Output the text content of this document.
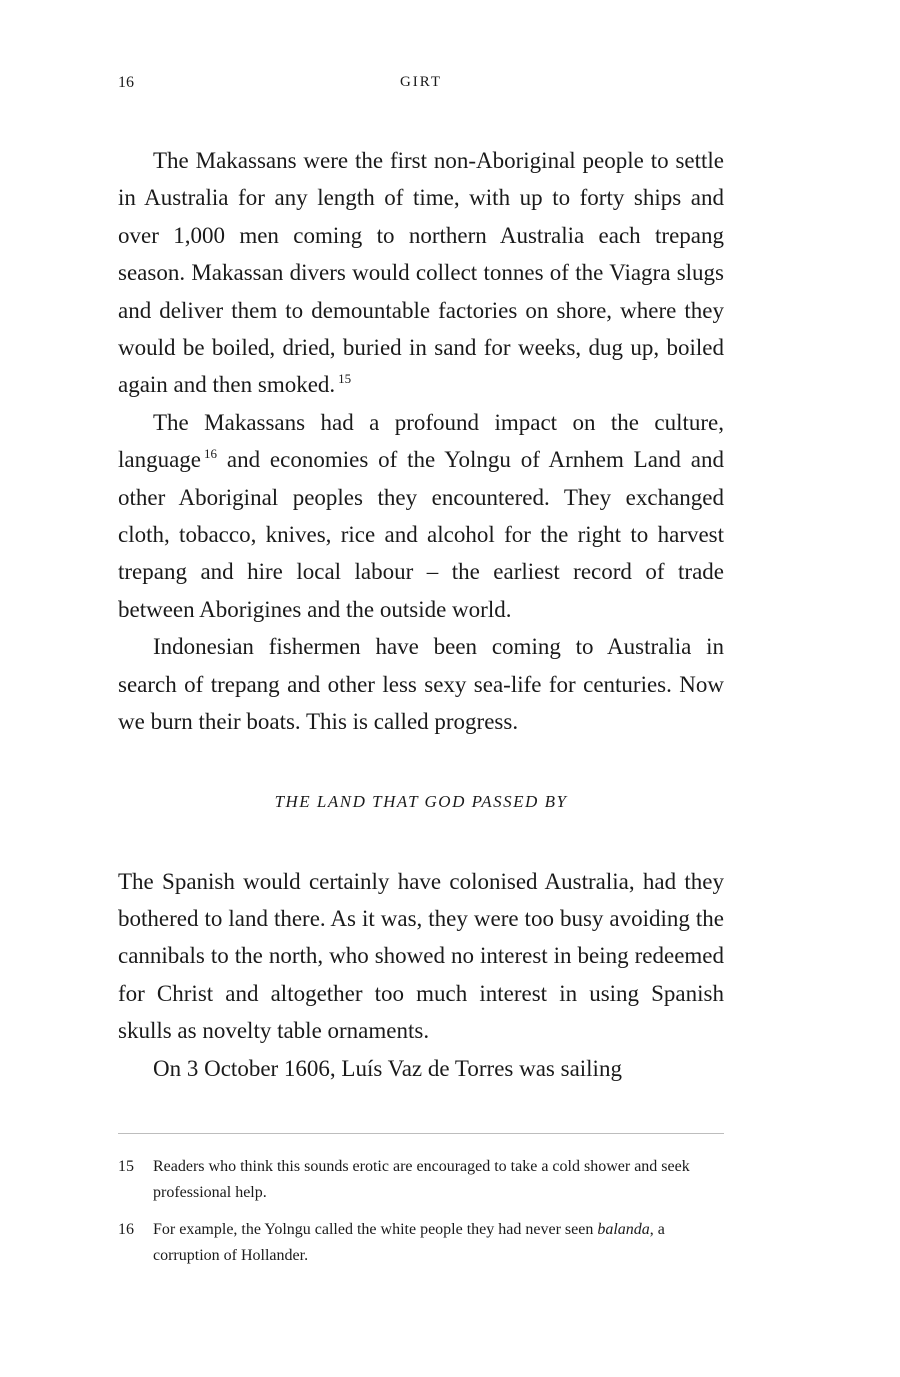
16	GIRT

The Makassans were the first non-Aboriginal people to settle in Australia for any length of time, with up to forty ships and over 1,000 men coming to northern Australia each trepang season. Makassan divers would collect tonnes of the Viagra slugs and deliver them to demountable factories on shore, where they would be boiled, dried, buried in sand for weeks, dug up, boiled again and then smoked. $^{15}$

The Makassans had a profound impact on the culture, language $^{16}$ and economies of the Yolngu of Arnhem Land and other Aboriginal peoples they encountered. They exchanged cloth, tobacco, knives, rice and alcohol for the right to harvest trepang and hire local labour – the earliest record of trade between Aborigines and the outside world.

Indonesian fishermen have been coming to Australia in search of trepang and other less sexy sea-life for centuries. Now we burn their boats. This is called progress.

THE LAND THAT GOD PASSED BY

The Spanish would certainly have colonised Australia, had they bothered to land there. As it was, they were too busy avoiding the cannibals to the north, who showed no interest in being redeemed for Christ and altogether too much interest in using Spanish skulls as novelty table ornaments.

On 3 October 1606, Luís Vaz de Torres was sailing

15	Readers who think this sounds erotic are encouraged to take a cold shower and seek professional help.
16	For example, the Yolngu called the white people they had never seen balanda, a corruption of Hollander.
